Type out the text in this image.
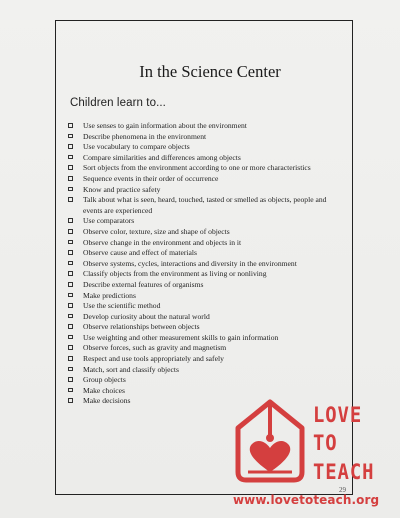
In the Science Center
Children learn to...
Use senses to gain information about the environment
Describe phenomena in the environment
Use vocabulary to compare objects
Compare similarities and differences among objects
Sort objects from the environment according to one or more characteristics
Sequence events in their order of occurrence
Know and practice safety
Talk about what is seen, heard, touched, tasted or smelled as objects, people and
events are experienced
Use comparators
Observe color, texture, size and shape of objects
Observe change in the environment and objects in it
Observe cause and effect of materials
Observe systems, cycles, interactions and diversity in the environment
Classify objects from the environment as living or nonliving
Describe external features of organisms
Make predictions
Use the scientific method
Develop curiosity about the natural world
Observe relationships between objects
Use weighting and other measurement skills to gain information
Observe forces, such as gravity and magnetism
Respect and use tools appropriately and safely
Match, sort and classify objects
Group objects
Make choices
Make decisions
29
LOVE
TO
TEACH
www.lovetoteach.org
